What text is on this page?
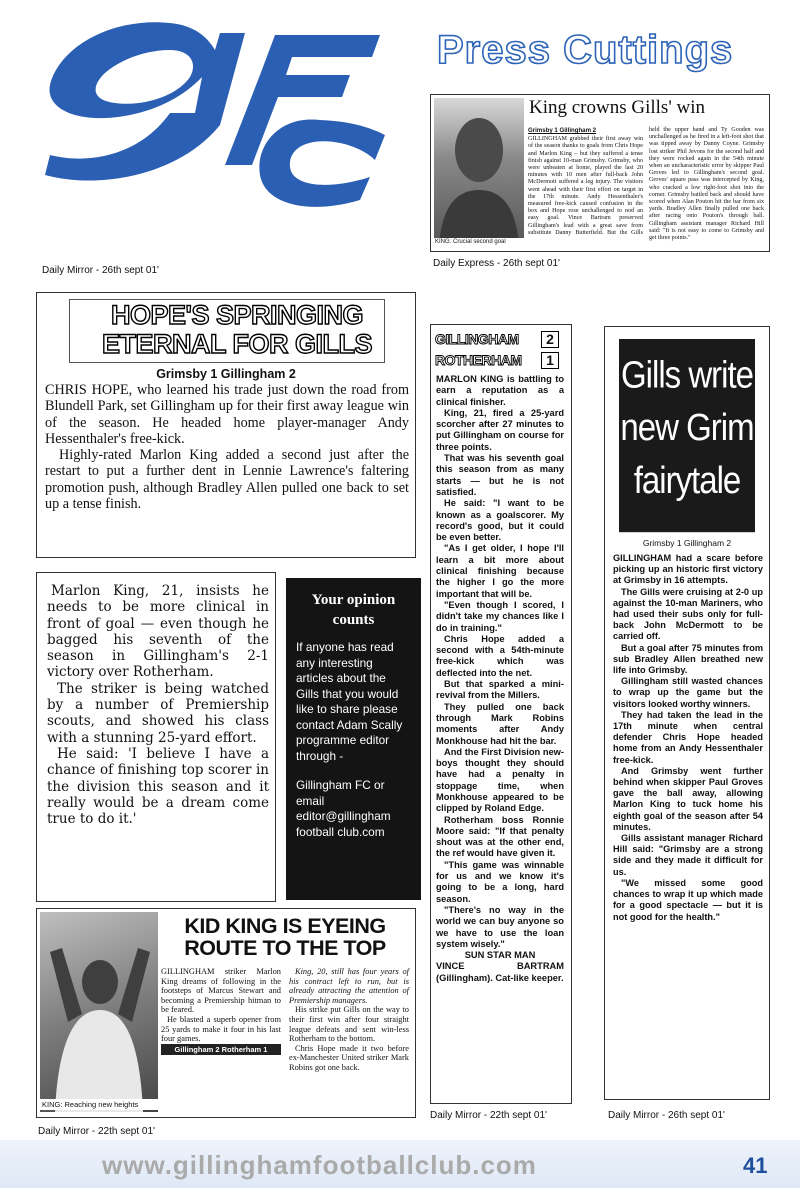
Press Cuttings
KING: Crucial second goal
King crowns Gills' win
Grimsby 1 Gillingham 2
GILLINGHAM grabbed their first away win of the season thanks to goals from Chris Hope and Marlon King – but they suffered a tense finish against 10-man Grimsby. Grimsby, who were unbeaten at home, played the last 20 minutes with 10 men after full-back John McDermott suffered a leg injury. The visitors went ahead with their first effort on target in the 17th minute. Andy Hessenthaler's measured free-kick caused confusion in the box and Hope rose unchallenged to nod an easy goal. Vince Bartram preserved Gillingham's lead with a great save from substitute Danny Butterfield. But the Gills held the upper hand and Ty Gooden was unchallenged as he fired in a left-foot shot that was tipped away by Danny Coyne. Grimsby lost striker Phil Jevons for the second half and they were rocked again in the 54th minute when an uncharacteristic error by skipper Paul Groves led to Gillingham's second goal. Groves' square pass was intercepted by King, who cracked a low right-foot shot into the corner. Grimsby battled back and should have scored when Alan Pouton hit the bar from six yards. Bradley Allen finally pulled one back after racing onto Pouton's through ball. Gillingham assistant manager Richard Hill said: "It is not easy to come to Grimsby and get three points."
Daily Express - 26th sept 01'
Daily Mirror - 26th sept 01'
HOPE'S SPRINGING
ETERNAL FOR GILLS
Grimsby 1 Gillingham 2

CHRIS HOPE, who learned his trade just down the road from Blundell Park, set Gillingham up for their first away league win of the season. He headed home player-manager Andy Hessenthaler's free-kick.

Highly-rated Marlon King added a second just after the restart to put a further dent in Lennie Lawrence's faltering promotion push, although Bradley Allen pulled one back to set up a tense finish.

Marlon King, 21, insists he needs to be more clinical in front of goal — even though he bagged his seventh of the season in Gillingham's 2-1 victory over Rotherham.

The striker is being watched by a number of Premiership scouts, and showed his class with a stunning 25-yard effort.

He said: 'I believe I have a chance of finishing top scorer in the division this season and it really would be a dream come true to do it.'

Your opinion counts

If anyone has read any interesting articles about the Gills that you would like to share please contact Adam Scally programme editor through -

Gillingham FC or email editor@gillingham football club.com

GILLINGHAM
ROTHERHAM
2
1

MARLON KING is battling to earn a reputation as a clinical finisher.

King, 21, fired a 25-yard scorcher after 27 minutes to put Gillingham on course for three points.

That was his seventh goal this season from as many starts — but he is not satisfied.

He said: "I want to be known as a goalscorer. My record's good, but it could be even better.

"As I get older, I hope I'll learn a bit more about clinical finishing because the higher I go the more important that will be.

"Even though I scored, I didn't take my chances like I do in training."

Chris Hope added a second with a 54th-minute free-kick which was deflected into the net.

But that sparked a mini-revival from the Millers.

They pulled one back through Mark Robins moments after Andy Monkhouse had hit the bar.

And the First Division new-boys thought they should have had a penalty in stoppage time, when Monkhouse appeared to be clipped by Roland Edge.

Rotherham boss Ronnie Moore said: "If that penalty shout was at the other end, the ref would have given it.

"This game was winnable for us and we know it's going to be a long, hard season.

"There's no way in the world we can buy anyone so we have to use the loan system wisely."

SUN STAR MAN

VINCE BARTRAM (Gillingham). Cat-like keeper.

Daily Mirror - 22th sept 01'
Gills write
new Grim
fairytale
Grimsby 1 Gillingham 2

GILLINGHAM had a scare before picking up an historic first victory at Grimsby in 16 attempts.

The Gills were cruising at 2-0 up against the 10-man Mariners, who had used their subs only for full-back John McDermott to be carried off.

But a goal after 75 minutes from sub Bradley Allen breathed new life into Grimsby.

Gillingham still wasted chances to wrap up the game but the visitors looked worthy winners.

They had taken the lead in the 17th minute when central defender Chris Hope headed home from an Andy Hessenthaler free-kick.

And Grimsby went further behind when skipper Paul Groves gave the ball away, allowing Marlon King to tuck home his eighth goal of the season after 54 minutes.

Gills assistant manager Richard Hill said: "Grimsby are a strong side and they made it difficult for us.

"We missed some good chances to wrap it up which made for a good spectacle — but it is not good for the health."

Daily Mirror - 26th sept 01'
KING: Reaching new heights
KID KING IS EYEING
ROUTE TO THE TOP

GILLINGHAM striker Marlon King dreams of following in the footsteps of Marcus Stewart and becoming a Premiership hitman to be feared.

He blasted a superb opener from 25 yards to make it four in his last four games.

Gillingham 2 Rotherham 1

King, 20, still has four years of his contract left to run, but is already attracting the attention of Premiership managers.

His strike put Gills on the way to their first win after four straight league defeats and sent win-less Rotherham to the bottom.

Chris Hope made it two before ex-Manchester United striker Mark Robins got one back.

Daily Mirror - 22th sept 01'
www.gillinghamfootballclub.com	41
